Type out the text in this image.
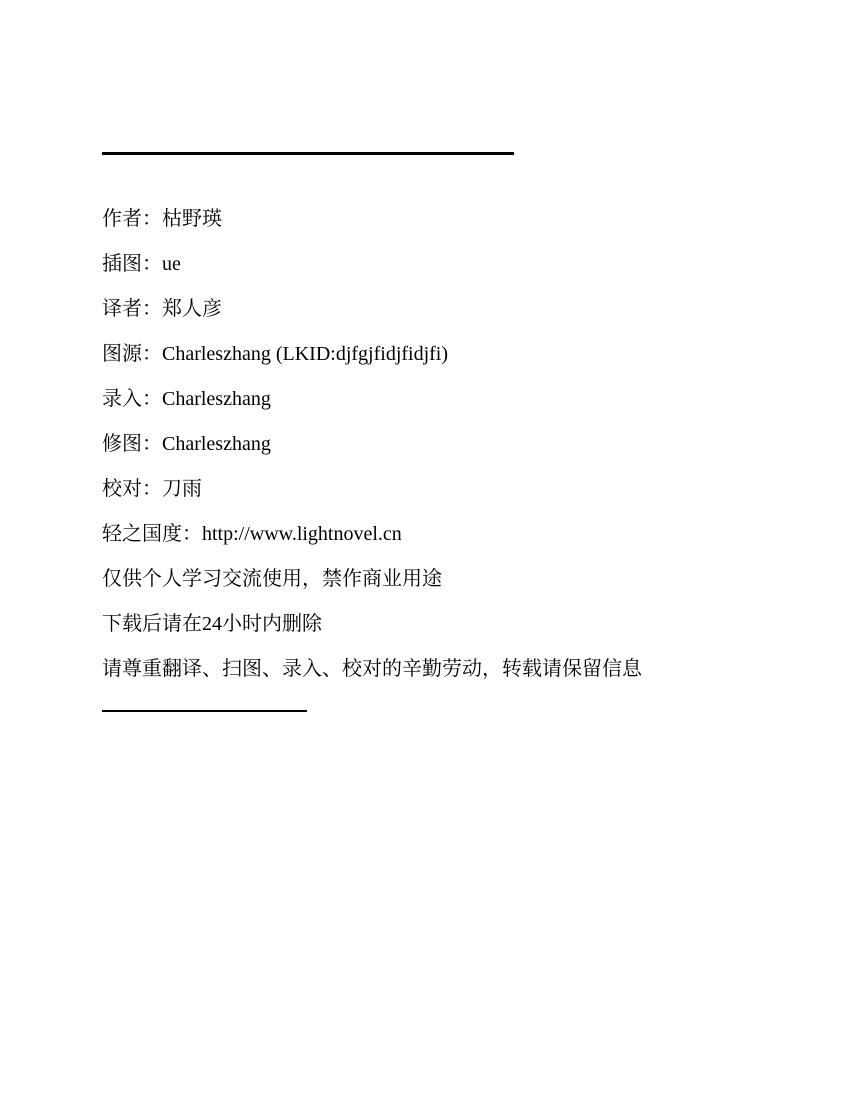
作者：枯野瑛
插图：ue
译者：郑人彦
图源：Charleszhang (LKID:djfgjfidjfidjfi)
录入：Charleszhang
修图：Charleszhang
校对：刀雨
轻之国度：http://www.lightnovel.cn
仅供个人学习交流使用，禁作商业用途
下载后请在24小时内删除
请尊重翻译、扫图、录入、校对的辛勤劳动，转载请保留信息
